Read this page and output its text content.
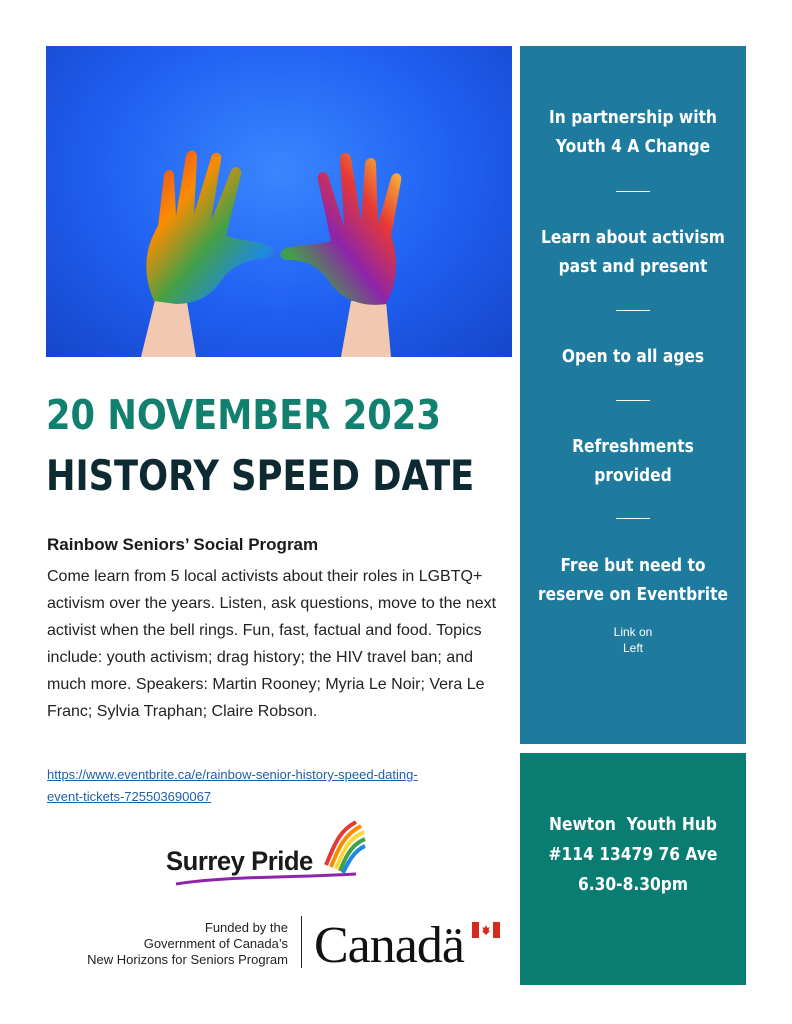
In partnership with
Youth 4 A Change
Learn about activism
past and present
Open to all ages
Refreshments
provided
Free but need to
reserve on Eventbrite
Link on
Left
Newton  Youth Hub
#114 13479 76 Ave
6.30-8.30pm
20 NOVEMBER 2023
HISTORY SPEED DATE
Rainbow Seniors’ Social Program
Come learn from 5 local activists about their roles in LGBTQ+ activism over the years. Listen, ask questions, move to the next activist when the bell rings. Fun, fast, factual and food. Topics include: youth activism; drag history; the HIV travel ban; and much more. Speakers: Martin Rooney; Myria Le Noir; Vera Le Franc; Sylvia Traphan; Claire Robson.
https://www.eventbrite.ca/e/rainbow-senior-history-speed-dating-
event-tickets-725503690067
Surrey Pride
Funded by the
Government of Canada’s
New Horizons for Seniors Program Canadä
